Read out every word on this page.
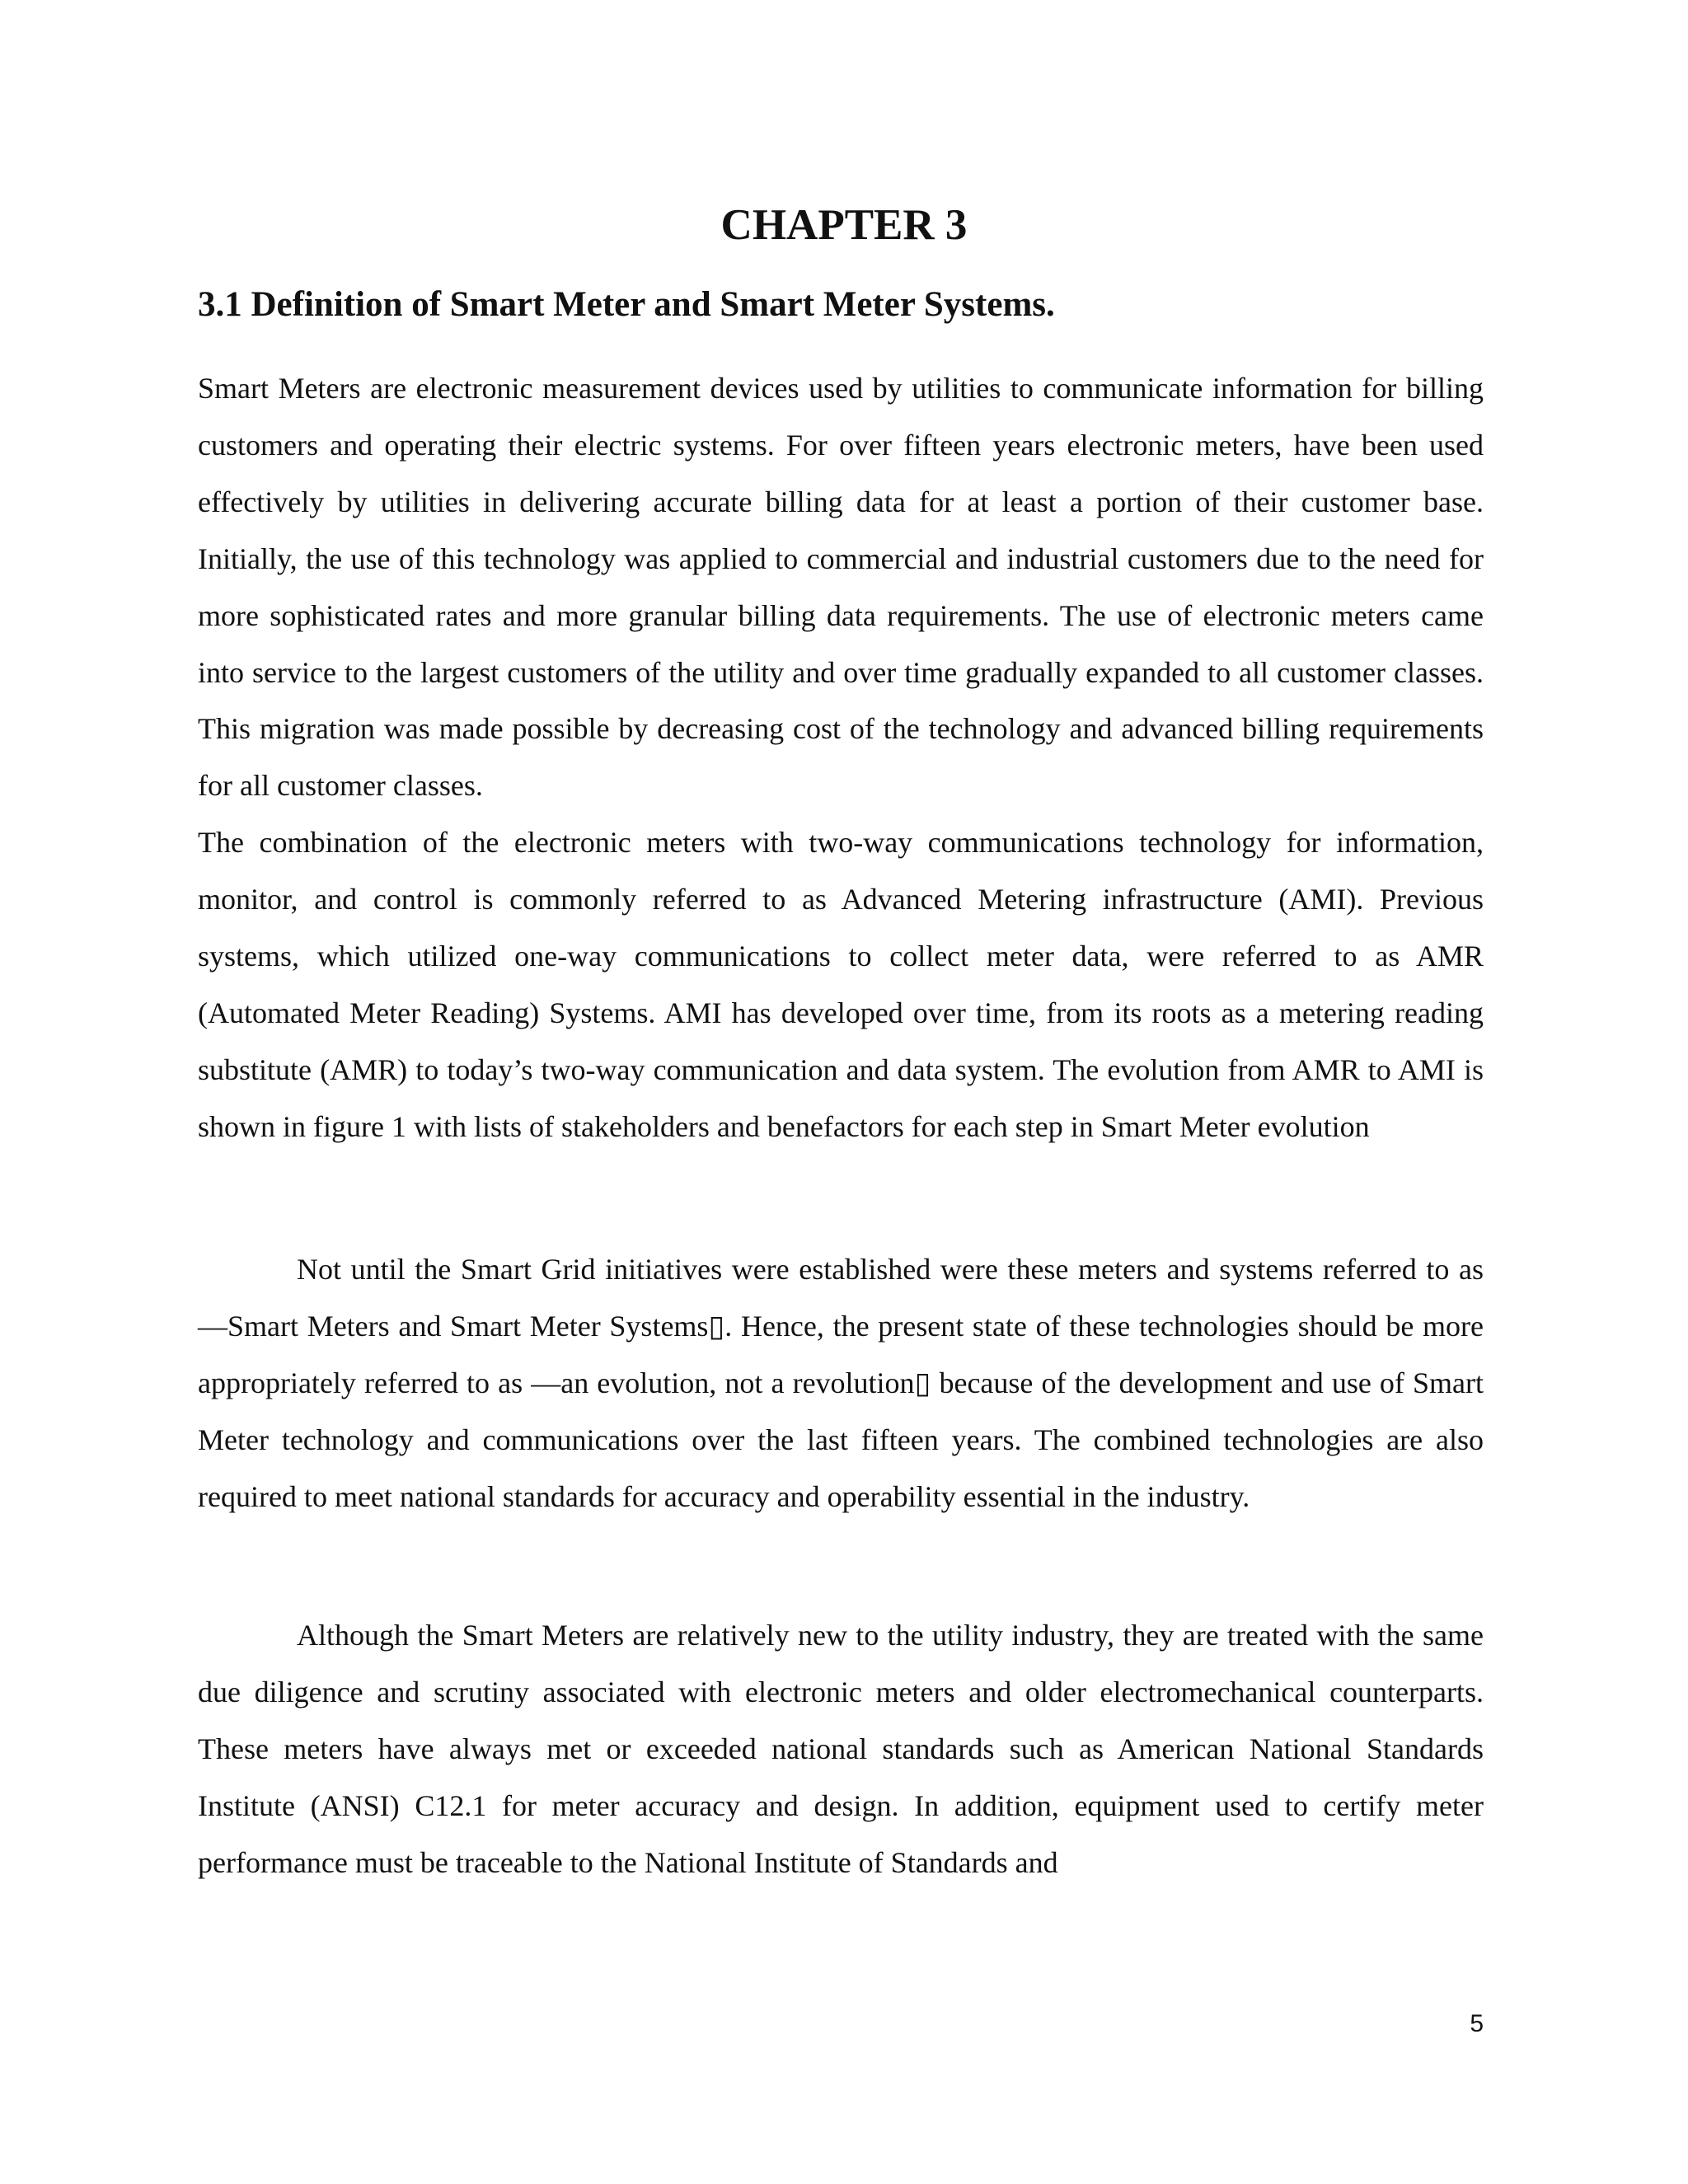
CHAPTER 3
3.1 Definition of Smart Meter and Smart Meter Systems.

Smart Meters are electronic measurement devices used by utilities to communicate information for billing customers and operating their electric systems. For over fifteen years electronic meters, have been used effectively by utilities in delivering accurate billing data for at least a portion of their customer base. Initially, the use of this technology was applied to commercial and industrial customers due to the need for more sophisticated rates and more granular billing data requirements. The use of electronic meters came into service to the largest customers of the utility and over time gradually expanded to all customer classes. This migration was made possible by decreasing cost of the technology and advanced billing requirements for all customer classes.

The combination of the electronic meters with two-way communications technology for information, monitor, and control is commonly referred to as Advanced Metering infrastructure (AMI). Previous systems, which utilized one-way communications to collect meter data, were referred to as AMR (Automated Meter Reading) Systems. AMI has developed over time, from its roots as a metering reading substitute (AMR) to today’s two-way communication and data system. The evolution from AMR to AMI is shown in figure 1 with lists of stakeholders and benefactors for each step in Smart Meter evolution

Not until the Smart Grid initiatives were established were these meters and systems referred to as ―Smart Meters and Smart Meter Systems▯. Hence, the present state of these technologies should be more appropriately referred to as ―an evolution, not a revolution▯ because of the development and use of Smart Meter technology and communications over the last fifteen years. The combined technologies are also required to meet national standards for accuracy and operability essential in the industry.

Although the Smart Meters are relatively new to the utility industry, they are treated with the same due diligence and scrutiny associated with electronic meters and older electromechanical counterparts. These meters have always met or exceeded national standards such as American National Standards Institute (ANSI) C12.1 for meter accuracy and design. In addition, equipment used to certify meter performance must be traceable to the National Institute of Standards and

5
